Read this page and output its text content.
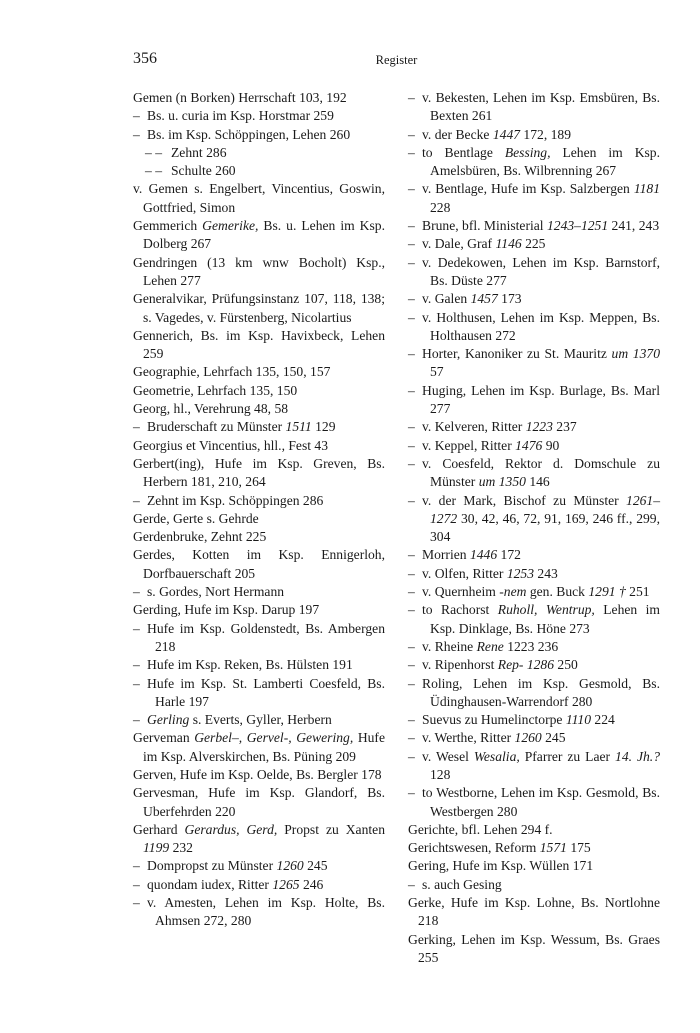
356	Register

Gemen (n Borken) Herrschaft 103, 192

– Bs. u. curia im Ksp. Horstmar 259

– Bs. im Ksp. Schöppingen, Lehen 260

– – Zehnt 286

– – Schulte 260

v. Gemen s. Engelbert, Vincentius, Goswin, Gottfried, Simon

Gemmerich Gemerike, Bs. u. Lehen im Ksp. Dolberg 267

Gendringen (13 km wnw Bocholt) Ksp., Lehen 277

Generalvikar, Prüfungsinstanz 107, 118, 138; s. Vagedes, v. Fürstenberg, Nicolartius

Gennerich, Bs. im Ksp. Havixbeck, Lehen 259

Geographie, Lehrfach 135, 150, 157

Geometrie, Lehrfach 135, 150

Georg, hl., Verehrung 48, 58

– Bruderschaft zu Münster 1511 129

Georgius et Vincentius, hll., Fest 43

Gerbert(ing), Hufe im Ksp. Greven, Bs. Herbern 181, 210, 264

– Zehnt im Ksp. Schöppingen 286

Gerde, Gerte s. Gehrde

Gerdenbruke, Zehnt 225

Gerdes, Kotten im Ksp. Ennigerloh, Dorfbauerschaft 205

– s. Gordes, Nort Hermann

Gerding, Hufe im Ksp. Darup 197

– Hufe im Ksp. Goldenstedt, Bs. Ambergen 218

– Hufe im Ksp. Reken, Bs. Hülsten 191

– Hufe im Ksp. St. Lamberti Coesfeld, Bs. Harle 197

– Gerling s. Everts, Gyller, Herbern

Gerveman Gerbel–, Gervel-, Gewering, Hufe im Ksp. Alverskirchen, Bs. Püning 209

Gerven, Hufe im Ksp. Oelde, Bs. Bergler 178

Gervesman, Hufe im Ksp. Glandorf, Bs. Uberfehrden 220

Gerhard Gerardus, Gerd, Propst zu Xanten 1199 232

– Dompropst zu Münster 1260 245

– quondam iudex, Ritter 1265 246

– v. Amesten, Lehen im Ksp. Holte, Bs. Ahmsen 272, 280

– v. Bekesten, Lehen im Ksp. Emsbüren, Bs. Bexten 261

– v. der Becke 1447 172, 189

– to Bentlage Bessing, Lehen im Ksp. Amelsbüren, Bs. Wilbrenning 267

– v. Bentlage, Hufe im Ksp. Salzbergen 1181 228

– Brune, bfl. Ministerial 1243–1251 241, 243

– v. Dale, Graf 1146 225

– v. Dedekowen, Lehen im Ksp. Barnstorf, Bs. Düste 277

– v. Galen 1457 173

– v. Holthusen, Lehen im Ksp. Meppen, Bs. Holthausen 272

– Horter, Kanoniker zu St. Mauritz um 1370 57

– Huging, Lehen im Ksp. Burlage, Bs. Marl 277

– v. Kelveren, Ritter 1223 237

– v. Keppel, Ritter 1476 90

– v. Coesfeld, Rektor d. Domschule zu Münster um 1350 146

– v. der Mark, Bischof zu Münster 1261–1272 30, 42, 46, 72, 91, 169, 246 ff., 299, 304

– Morrien 1446 172

– v. Olfen, Ritter 1253 243

– v. Quernheim -nem gen. Buck 1291 † 251

– to Rachorst Ruholl, Wentrup, Lehen im Ksp. Dinklage, Bs. Höne 273

– v. Rheine Rene 1223 236

– v. Ripenhorst Rep- 1286 250

– Roling, Lehen im Ksp. Gesmold, Bs. Üdinghausen-Warrendorf 280

– Suevus zu Humelinctorpe 1110 224

– v. Werthe, Ritter 1260 245

– v. Wesel Wesalia, Pfarrer zu Laer 14. Jh.? 128

– to Westborne, Lehen im Ksp. Gesmold, Bs. Westbergen 280

Gerichte, bfl. Lehen 294 f.

Gerichtswesen, Reform 1571 175

Gering, Hufe im Ksp. Wüllen 171

– s. auch Gesing

Gerke, Hufe im Ksp. Lohne, Bs. Nortlohne 218

Gerking, Lehen im Ksp. Wessum, Bs. Graes 255
